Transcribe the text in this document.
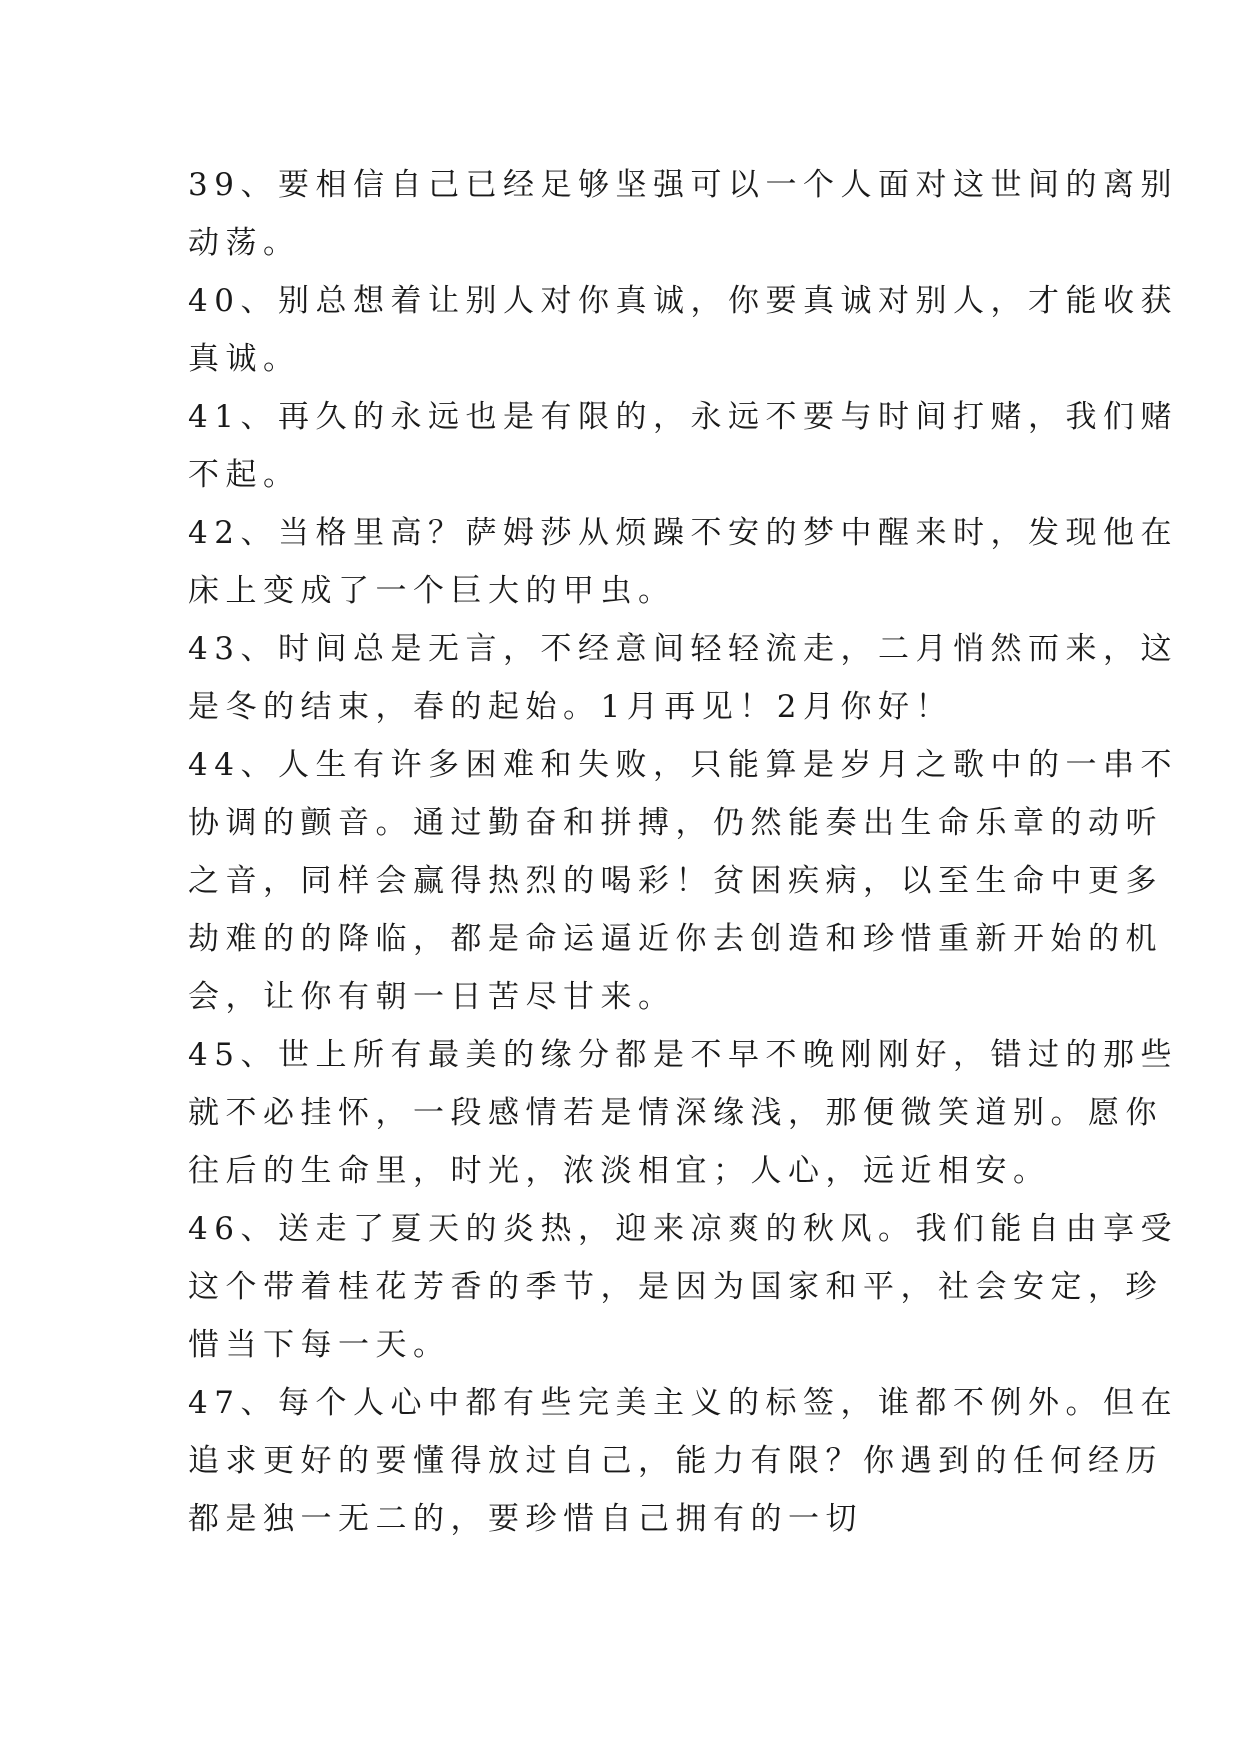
39、要相信自己已经足够坚强可以一个人面对这世间的离别
动荡。
40、别总想着让别人对你真诚，你要真诚对别人，才能收获
真诚。
41、再久的永远也是有限的，永远不要与时间打赌，我们赌
不起。
42、当格里高？萨姆莎从烦躁不安的梦中醒来时，发现他在
床上变成了一个巨大的甲虫。
43、时间总是无言，不经意间轻轻流走，二月悄然而来，这
是冬的结束，春的起始。1月再见！2月你好！
44、人生有许多困难和失败，只能算是岁月之歌中的一串不
协调的颤音。通过勤奋和拼搏，仍然能奏出生命乐章的动听
之音，同样会赢得热烈的喝彩！贫困疾病，以至生命中更多
劫难的的降临，都是命运逼近你去创造和珍惜重新开始的机
会，让你有朝一日苦尽甘来。
45、世上所有最美的缘分都是不早不晚刚刚好，错过的那些
就不必挂怀，一段感情若是情深缘浅，那便微笑道别。愿你
往后的生命里，时光，浓淡相宜；人心，远近相安。
46、送走了夏天的炎热，迎来凉爽的秋风。我们能自由享受
这个带着桂花芳香的季节，是因为国家和平，社会安定，珍
惜当下每一天。
47、每个人心中都有些完美主义的标签，谁都不例外。但在
追求更好的要懂得放过自己，能力有限？你遇到的任何经历
都是独一无二的，要珍惜自己拥有的一切
